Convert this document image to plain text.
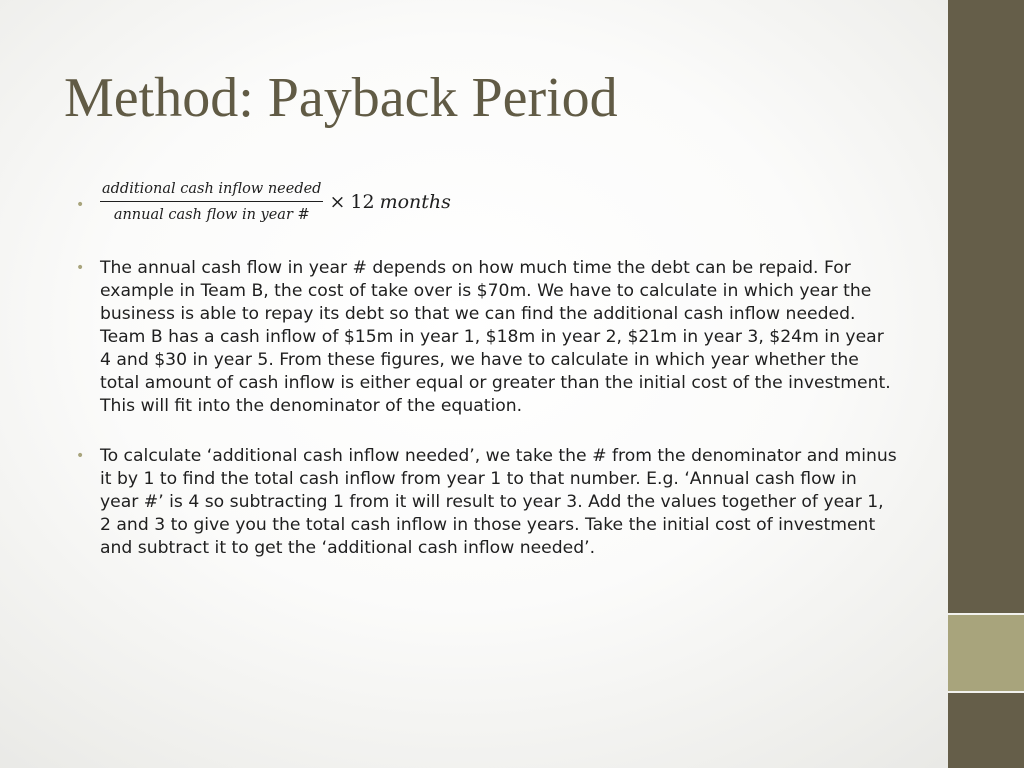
Method: Payback Period
• $\frac{\text{additional cash inflow needed}}{\text{annual cash flow in year \#}} \times 12$ months
• The annual cash flow in year # depends on how much time the debt can be repaid. For example in Team B, the cost of take over is $70m. We have to calculate in which year the business is able to repay its debt so that we can find the additional cash inflow needed. Team B has a cash inflow of $15m in year 1, $18m in year 2, $21m in year 3, $24m in year 4 and $30 in year 5. From these figures, we have to calculate in which year whether the total amount of cash inflow is either equal or greater than the initial cost of the investment. This will fit into the denominator of the equation.
• To calculate ‘additional cash inflow needed’, we take the # from the denominator and minus it by 1 to find the total cash inflow from year 1 to that number. E.g. ‘Annual cash flow in year #’ is 4 so subtracting 1 from it will result to year 3. Add the values together of year 1, 2 and 3 to give you the total cash inflow in those years. Take the initial cost of investment and subtract it to get the ‘additional cash inflow needed’.
